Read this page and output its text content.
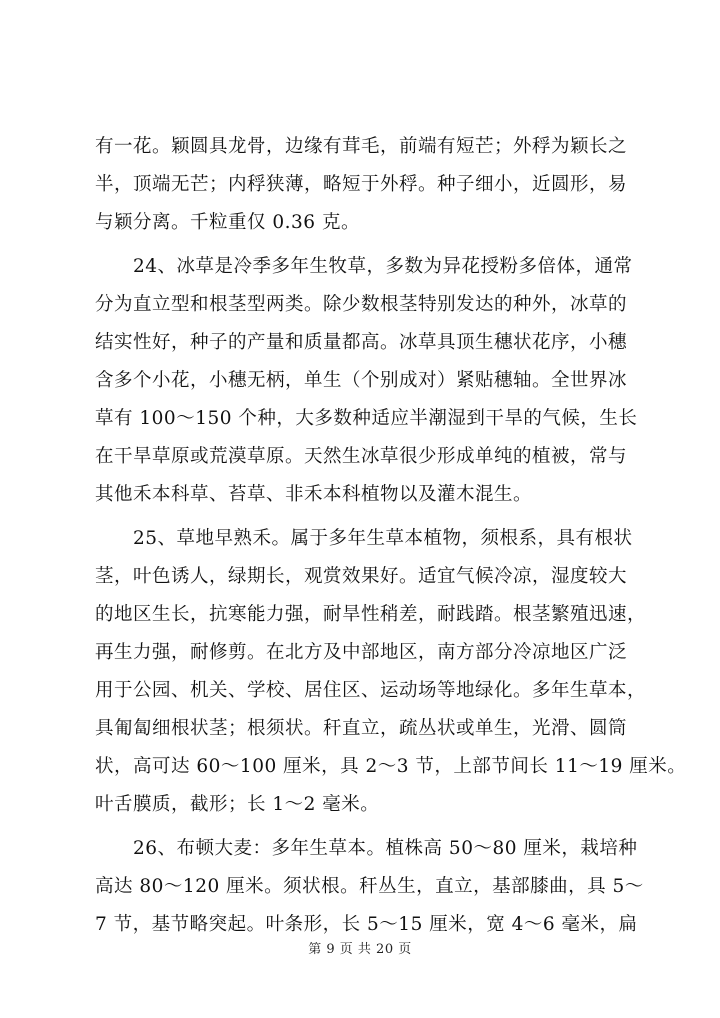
有一花。颖圆具龙骨，边缘有茸毛，前端有短芒；外稃为颖长之
半，顶端无芒；内稃狭薄，略短于外稃。种子细小，近圆形，易
与颖分离。千粒重仅 0.36 克。

24、冰草是冷季多年生牧草，多数为异花授粉多倍体，通常
分为直立型和根茎型两类。除少数根茎特别发达的种外，冰草的
结实性好，种子的产量和质量都高。冰草具顶生穗状花序，小穗
含多个小花，小穗无柄，单生（个别成对）紧贴穗轴。全世界冰
草有 100～150 个种，大多数种适应半潮湿到干旱的气候，生长
在干旱草原或荒漠草原。天然生冰草很少形成单纯的植被，常与
其他禾本科草、苔草、非禾本科植物以及灌木混生。

25、草地早熟禾。属于多年生草本植物，须根系，具有根状
茎，叶色诱人，绿期长，观赏效果好。适宜气候冷凉，湿度较大
的地区生长，抗寒能力强，耐旱性稍差，耐践踏。根茎繁殖迅速，
再生力强，耐修剪。在北方及中部地区，南方部分冷凉地区广泛
用于公园、机关、学校、居住区、运动场等地绿化。多年生草本，
具匍匐细根状茎；根须状。秆直立，疏丛状或单生，光滑、圆筒
状，高可达 60～100 厘米，具 2～3 节，上部节间长 11～19 厘米。
叶舌膜质，截形；长 1～2 毫米。

26、布顿大麦：多年生草本。植株高 50～80 厘米，栽培种
高达 80～120 厘米。须状根。秆丛生，直立，基部膝曲，具 5～
7 节，基节略突起。叶条形，长 5～15 厘米，宽 4～6 毫米，扁

第 9 页 共 20 页
